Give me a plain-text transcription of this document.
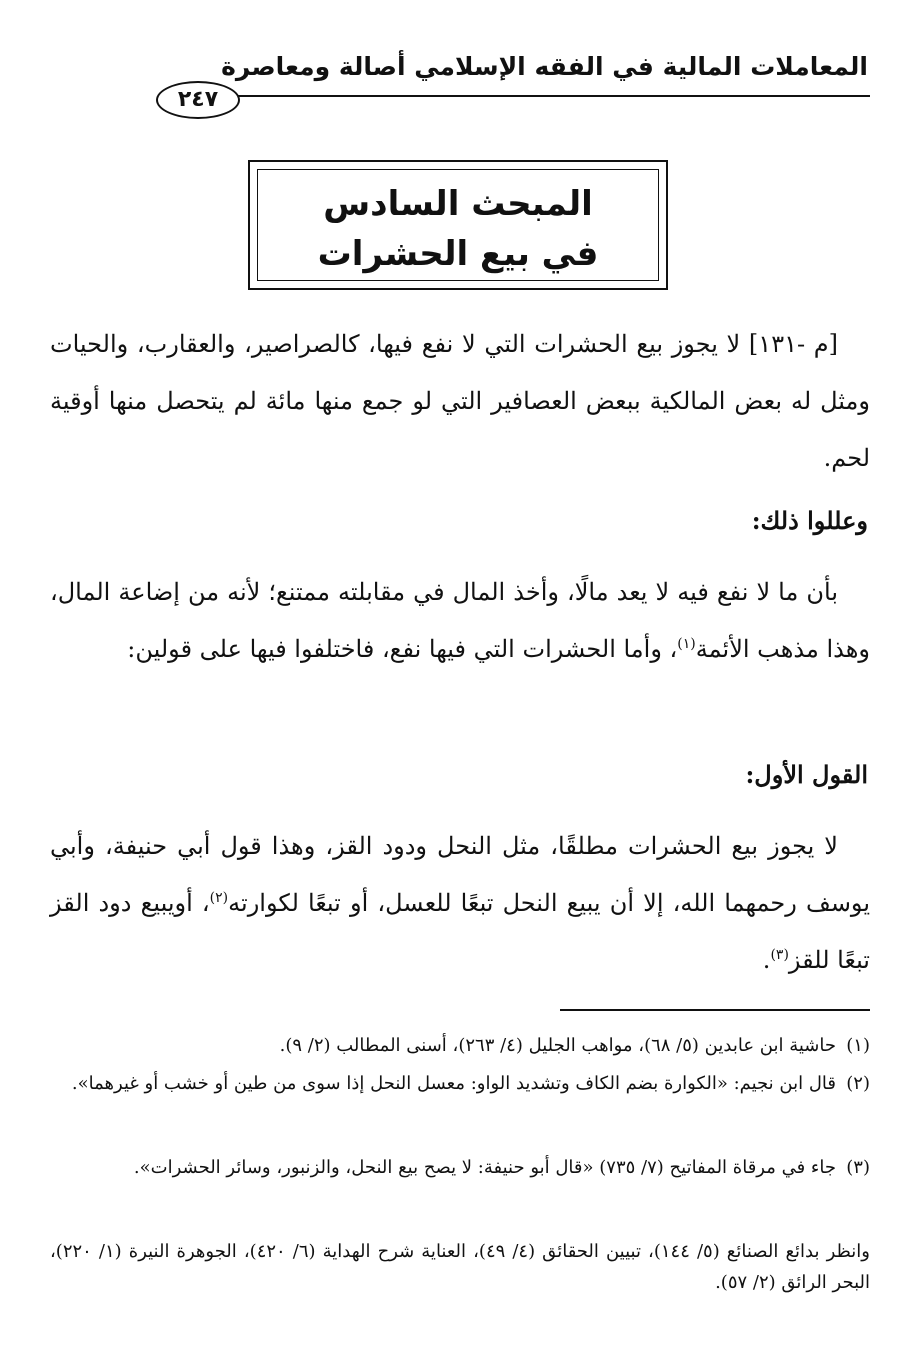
المعاملات المالية في الفقه الإسلامي أصالة ومعاصرة
٢٤٧
المبحث السادس
في بيع الحشرات

[م -١٣١] لا يجوز بيع الحشرات التي لا نفع فيها، كالصراصير، والعقارب، والحيات ومثل له بعض المالكية ببعض العصافير التي لو جمع منها مائة لم يتحصل منها أوقية لحم.

وعللوا ذلك:

بأن ما لا نفع فيه لا يعد مالًا، وأخذ المال في مقابلته ممتنع؛ لأنه من إضاعة المال، وهذا مذهب الأئمة$^{(١)}$، وأما الحشرات التي فيها نفع، فاختلفوا فيها على قولين:

القول الأول:

لا يجوز بيع الحشرات مطلقًا، مثل النحل ودود القز، وهذا قول أبي حنيفة، وأبي يوسف رحمهما الله، إلا أن يبيع النحل تبعًا للعسل، أو تبعًا لكوارته$^{(٢)}$، أويبيع دود القز تبعًا للقز$^{(٣)}$.

(١)حاشية ابن عابدين (٥/ ٦٨)، مواهب الجليل (٤/ ٢٦٣)، أسنى المطالب (٢/ ٩).

(٢)قال ابن نجيم: «الكوارة بضم الكاف وتشديد الواو: معسل النحل إذا سوى من طين أو خشب أو غيرهما».

(٣)جاء في مرقاة المفاتيح (٧/ ٧٣٥) «قال أبو حنيفة: لا يصح بيع النحل، والزنبور، وسائر الحشرات».

وانظر بدائع الصنائع (٥/ ١٤٤)، تبيين الحقائق (٤/ ٤٩)، العناية شرح الهداية (٦/ ٤٢٠)، الجوهرة النيرة (١/ ٢٢٠)، البحر الرائق (٢/ ٥٧).
